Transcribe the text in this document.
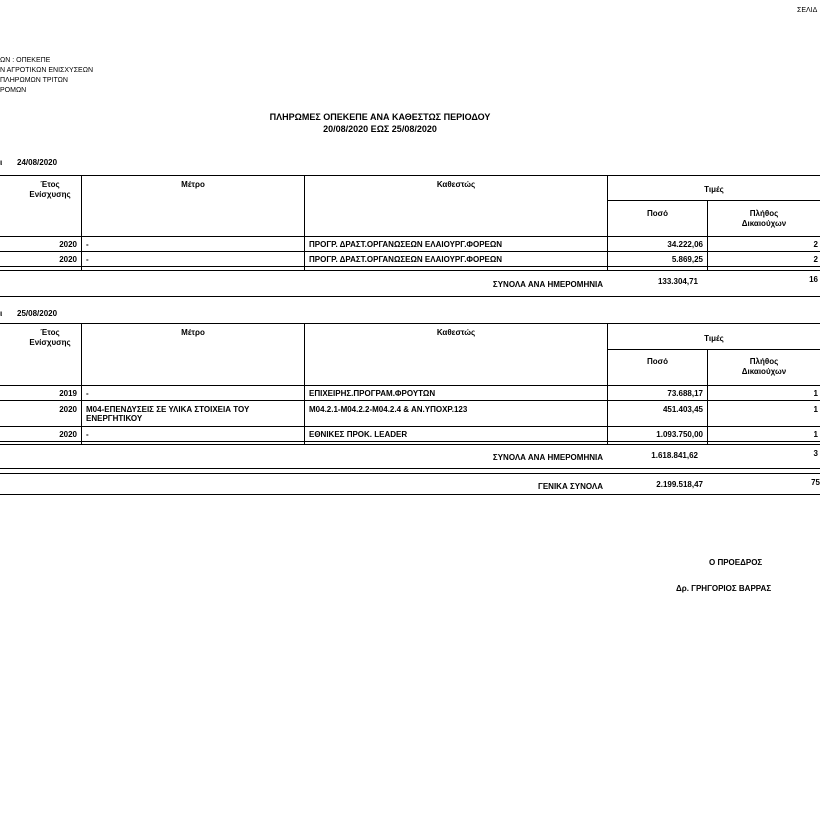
ΣΕΛΙΔ
ΩΝ : ΟΠΕΚΕΠΕ
Ν ΑΓΡΟΤΙΚΩΝ ΕΝΙΣΧΥΣΕΩΝ
ΠΛΗΡΩΜΩΝ ΤΡΙΤΩΝ
ΡΟΜΩΝ
ΠΛΗΡΩΜΕΣ ΟΠΕΚΕΠΕ ΑΝΑ ΚΑΘΕΣΤΩΣ ΠΕΡΙΟΔΟΥ
20/08/2020 ΕΩΣ 25/08/2020
ι 24/08/2020
Έτος Ενίσχυσης
Μέτρο	Καθεστώς
Τιμές
Ποσό	Πλήθος Δικαιούχων
2020 -	ΠΡΟΓΡ. ΔΡΑΣΤ.ΟΡΓΑΝΩΣΕΩΝ ΕΛΑΙΟΥΡΓ.ΦΟΡΕΩΝ	34.222,06	2
2020 -	ΠΡΟΓΡ. ΔΡΑΣΤ.ΟΡΓΑΝΩΣΕΩΝ ΕΛΑΙΟΥΡΓ.ΦΟΡΕΩΝ	5.869,25	2
ΣΥΝΟΛΑ ΑΝΑ ΗΜΕΡΟΜΗΝΙΑ	133.304,71	16
ι 25/08/2020
Έτος Ενίσχυσης
Μέτρο	Καθεστώς
Τιμές
Ποσό	Πλήθος Δικαιούχων
2019 -	ΕΠΙΧΕΙΡΗΣ.ΠΡΟΓΡΑΜ.ΦΡΟΥΤΩΝ	73.688,17	1
2020 Μ04-ΕΠΕΝΔΥΣΕΙΣ ΣΕ ΥΛΙΚΑ ΣΤΟΙΧΕΙΑ ΤΟΥ
ΕΝΕΡΓΗΤΙΚΟΥ
Μ04.2.1-Μ04.2.2-Μ04.2.4 & ΑΝ.ΥΠΟΧΡ.123	451.403,45	1
2020 -	ΕΘΝΙΚΕΣ ΠΡΟΚ. LEADER	1.093.750,00	1
ΣΥΝΟΛΑ ΑΝΑ ΗΜΕΡΟΜΗΝΙΑ	1.618.841,62	3
ΓΕΝΙΚΑ ΣΥΝΟΛΑ	2.199.518,47	75
Ο ΠΡΟΕΔΡΟΣ
Δρ. ΓΡΗΓΟΡΙΟΣ ΒΑΡΡΑΣ
